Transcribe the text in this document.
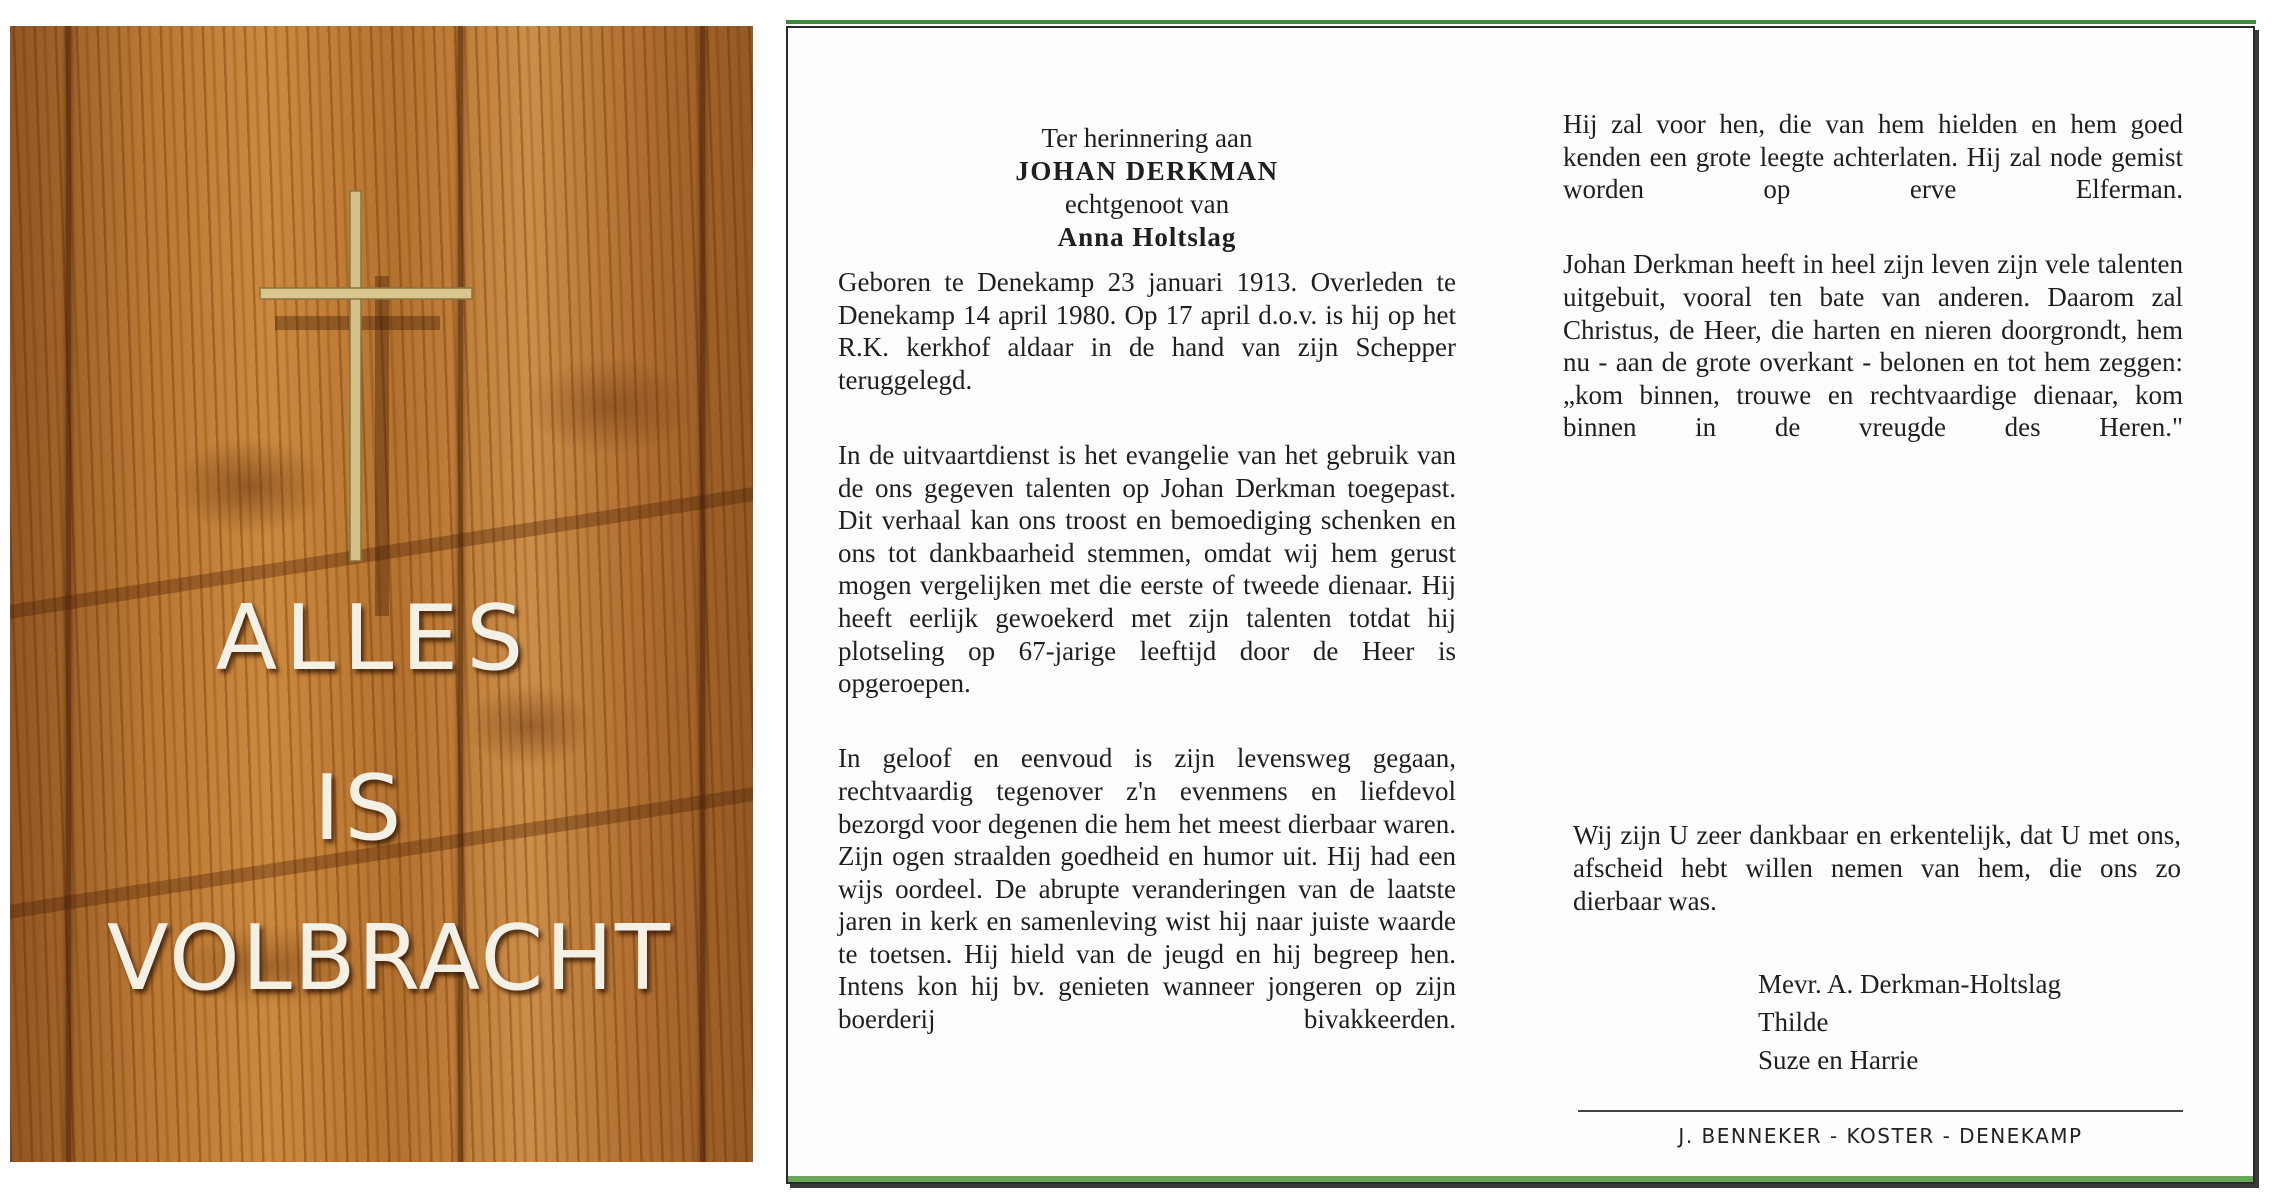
ALLES
IS
VOLBRACHT
Ter herinnering aan
JOHAN DERKMAN
echtgenoot van
Anna Holtslag

Geboren te Denekamp 23 januari 1913. Overleden te Denekamp 14 april 1980. Op 17 april d.o.v. is hij op het R.K. kerkhof aldaar in de hand van zijn Schepper teruggelegd.

In de uitvaartdienst is het evangelie van het gebruik van de ons gegeven talenten op Johan Derkman toegepast. Dit verhaal kan ons troost en bemoediging schenken en ons tot dankbaarheid stemmen, omdat wij hem gerust mogen vergelijken met die eerste of tweede dienaar. Hij heeft eerlijk gewoekerd met zijn talenten totdat hij plotseling op 67-jarige leeftijd door de Heer is opgeroepen.

In geloof en eenvoud is zijn levensweg gegaan, rechtvaardig tegenover z'n evenmens en liefdevol bezorgd voor degenen die hem het meest dierbaar waren. Zijn ogen straalden goedheid en humor uit. Hij had een wijs oordeel. De abrupte veranderingen van de laatste jaren in kerk en samenleving wist hij naar juiste waarde te toetsen. Hij hield van de jeugd en hij begreep hen. Intens kon hij bv. genieten wanneer jongeren op zijn boerderij bivakkeerden.

Hij zal voor hen, die van hem hielden en hem goed kenden een grote leegte achterlaten. Hij zal node gemist worden op erve Elferman.

Johan Derkman heeft in heel zijn leven zijn vele talenten uitgebuit, vooral ten bate van anderen. Daarom zal Christus, de Heer, die harten en nieren doorgrondt, hem nu - aan de grote overkant - belonen en tot hem zeggen: „kom binnen, trouwe en rechtvaardige dienaar, kom binnen in de vreugde des Heren."

Wij zijn U zeer dankbaar en erkentelijk, dat U met ons, afscheid hebt willen nemen van hem, die ons zo dierbaar was.
Mevr. A. Derkman-Holtslag
Thilde
Suze en Harrie
J. BENNEKER - KOSTER - DENEKAMP
